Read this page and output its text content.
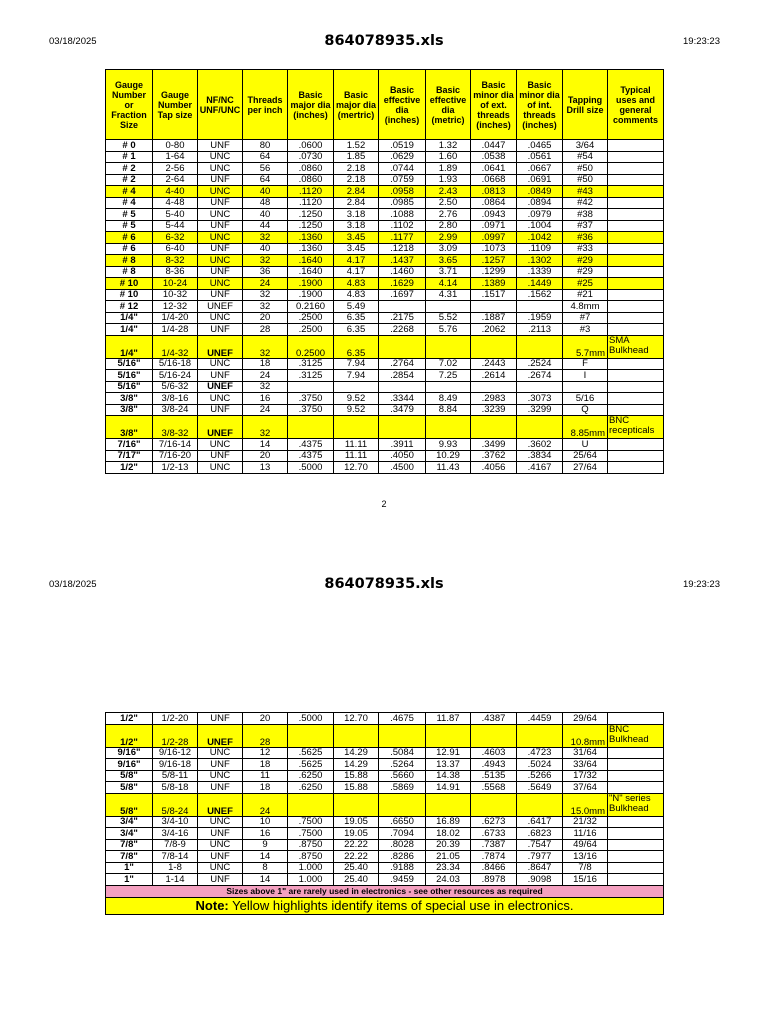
03/18/2025	864078935.xls	19:23:23
Gauge Number or Fraction Size	Gauge Number Tap size	NF/NC UNF/UNC	Threads per inch	Basic major dia (inches)	Basic major dia (mertric)	Basic effective dia (inches)	Basic effective dia (metric)	Basic minor dia of ext. threads (inches)	Basic minor dia of int. threads (inches)	Tapping Drill size	Typical uses and general comments
# 0	0-80	UNF	80	.0600	1.52	.0519	1.32	.0447	.0465	3/64	
# 1	1-64	UNC	64	.0730	1.85	.0629	1.60	.0538	.0561	#54	
# 2	2-56	UNC	56	.0860	2.18	.0744	1.89	.0641	.0667	#50	
# 2	2-64	UNF	64	.0860	2.18	.0759	1.93	.0668	.0691	#50	
# 4	4-40	UNC	40	.1120	2.84	.0958	2.43	.0813	.0849	#43	
# 4	4-48	UNF	48	.1120	2.84	.0985	2.50	.0864	.0894	#42	
# 5	5-40	UNC	40	.1250	3.18	.1088	2.76	.0943	.0979	#38	
# 5	5-44	UNF	44	.1250	3.18	.1102	2.80	.0971	.1004	#37	
# 6	6-32	UNC	32	.1360	3.45	.1177	2.99	.0997	.1042	#36	
# 6	6-40	UNF	40	.1360	3.45	.1218	3.09	.1073	.1109	#33	
# 8	8-32	UNC	32	.1640	4.17	.1437	3.65	.1257	.1302	#29	
# 8	8-36	UNF	36	.1640	4.17	.1460	3.71	.1299	.1339	#29	
# 10	10-24	UNC	24	.1900	4.83	.1629	4.14	.1389	.1449	#25	
# 10	10-32	UNF	32	.1900	4.83	.1697	4.31	.1517	.1562	#21	
# 12	12-32	UNEF	32	0.2160	5.49					4.8mm	
1/4"	1/4-20	UNC	20	.2500	6.35	.2175	5.52	.1887	.1959	#7	
1/4"	1/4-28	UNF	28	.2500	6.35	.2268	5.76	.2062	.2113	#3	
1/4"	1/4-32	UNEF	32	0.2500	6.35					5.7mm	SMA Bulkhead
5/16"	5/16-18	UNC	18	.3125	7.94	.2764	7.02	.2443	.2524	F	
5/16"	5/16-24	UNF	24	.3125	7.94	.2854	7.25	.2614	.2674	I	
5/16"	5/6-32	UNEF	32								
3/8"	3/8-16	UNC	16	.3750	9.52	.3344	8.49	.2983	.3073	5/16	
3/8"	3/8-24	UNF	24	.3750	9.52	.3479	8.84	.3239	.3299	Q	
3/8"	3/8-32	UNEF	32							8.85mm	BNC recepticals
7/16"	7/16-14	UNC	14	.4375	11.11	.3911	9.93	.3499	.3602	U	
7/17"	7/16-20	UNF	20	.4375	11.11	.4050	10.29	.3762	.3834	25/64	
1/2"	1/2-13	UNC	13	.5000	12.70	.4500	11.43	.4056	.4167	27/64	
2
03/18/2025	864078935.xls	19:23:23
1/2"	1/2-20	UNF	20	.5000	12.70	.4675	11.87	.4387	.4459	29/64	
1/2"	1/2-28	UNEF	28							10.8mm	BNC Bulkhead
9/16"	9/16-12	UNC	12	.5625	14.29	.5084	12.91	.4603	.4723	31/64	
9/16"	9/16-18	UNF	18	.5625	14.29	.5264	13.37	.4943	.5024	33/64	
5/8"	5/8-11	UNC	11	.6250	15.88	.5660	14.38	.5135	.5266	17/32	
5/8"	5/8-18	UNF	18	.6250	15.88	.5869	14.91	.5568	.5649	37/64	
5/8"	5/8-24	UNEF	24							15.0mm	"N" series Bulkhead
3/4"	3/4-10	UNC	10	.7500	19.05	.6650	16.89	.6273	.6417	21/32	
3/4"	3/4-16	UNF	16	.7500	19.05	.7094	18.02	.6733	.6823	11/16	
7/8"	7/8-9	UNC	9	.8750	22.22	.8028	20.39	.7387	.7547	49/64	
7/8"	7/8-14	UNF	14	.8750	22.22	.8286	21.05	.7874	.7977	13/16	
1"	1-8	UNC	8	1.000	25.40	.9188	23.34	.8466	.8647	7/8	
1"	1-14	UNF	14	1.000	25.40	.9459	24.03	.8978	.9098	15/16	
Sizes above 1" are rarely used in electronics - see other resources as required											
Note: Yellow highlights identify items of special use in electronics.											
